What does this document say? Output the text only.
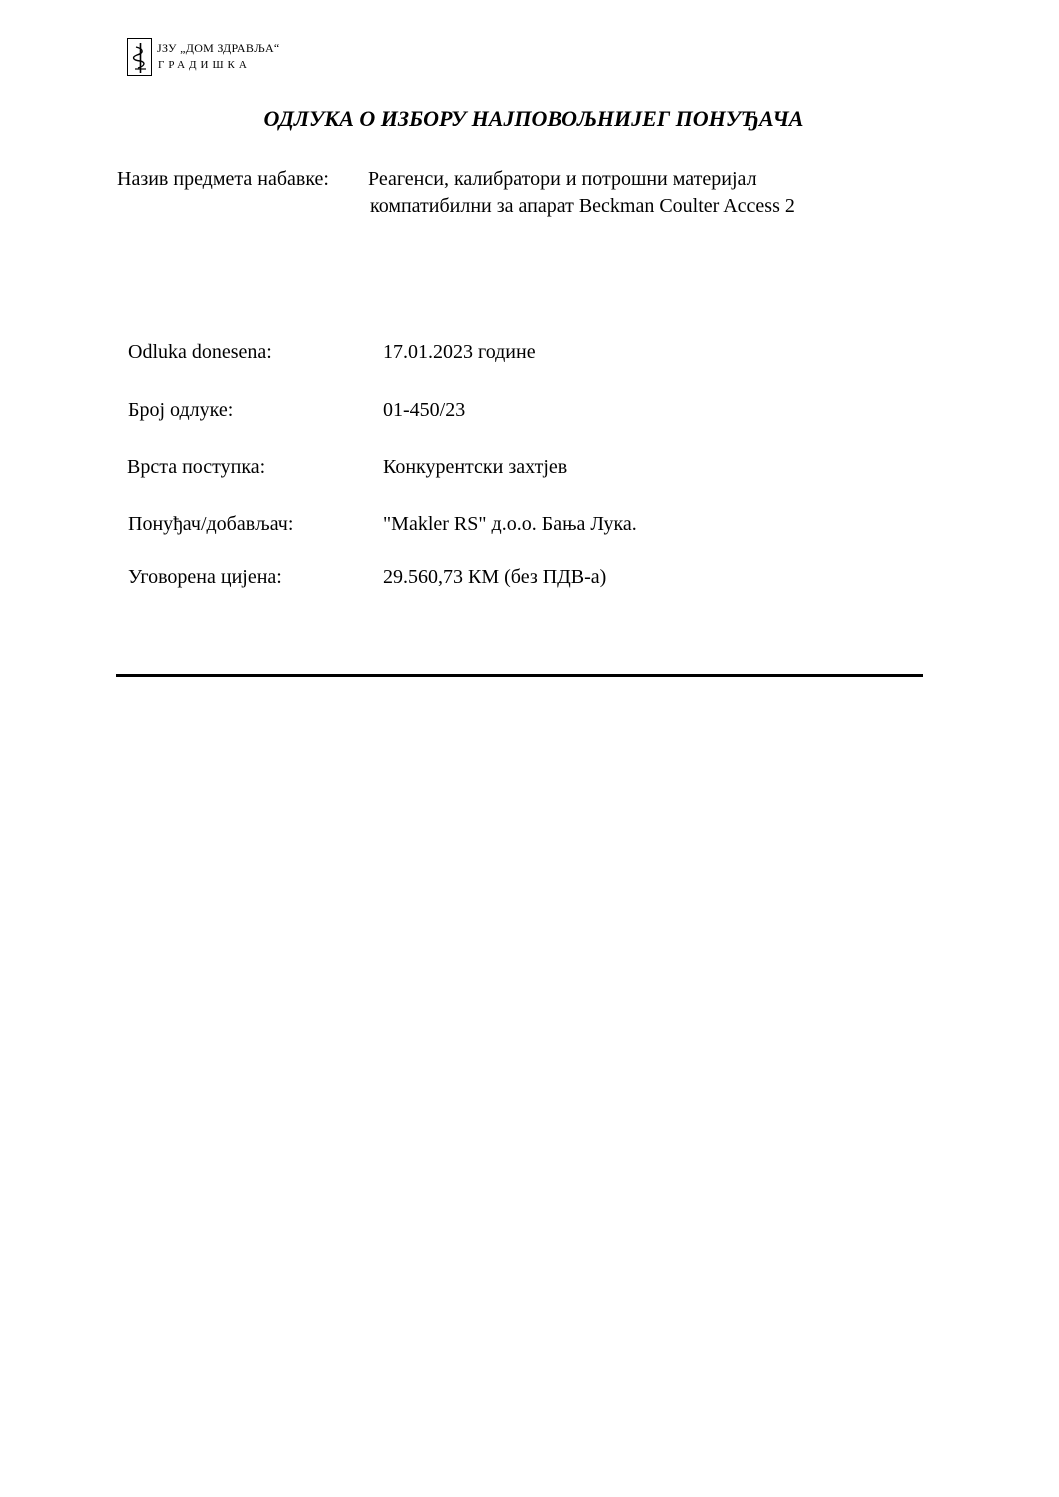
ЈЗУ „ДОМ ЗДРАВЉА“
ГРАДИШКА
ОДЛУКА О ИЗБОРУ НАЈПОВОЉНИЈЕГ ПОНУЂАЧА
Назив предмета набавке: Реагенси, калибратори и потрошни материјал
компатибилни за апарат Beckman Coulter Access 2
Odluka donesena:	17.01.2023 године
Број одлуке:	01-450/23
Врста поступка:	Конкурентски захтјев
Понуђач/добављач:	"Makler RS" д.о.о. Бања Лука.
Уговорена цијена:	29.560,73 КМ (без ПДВ-а)
